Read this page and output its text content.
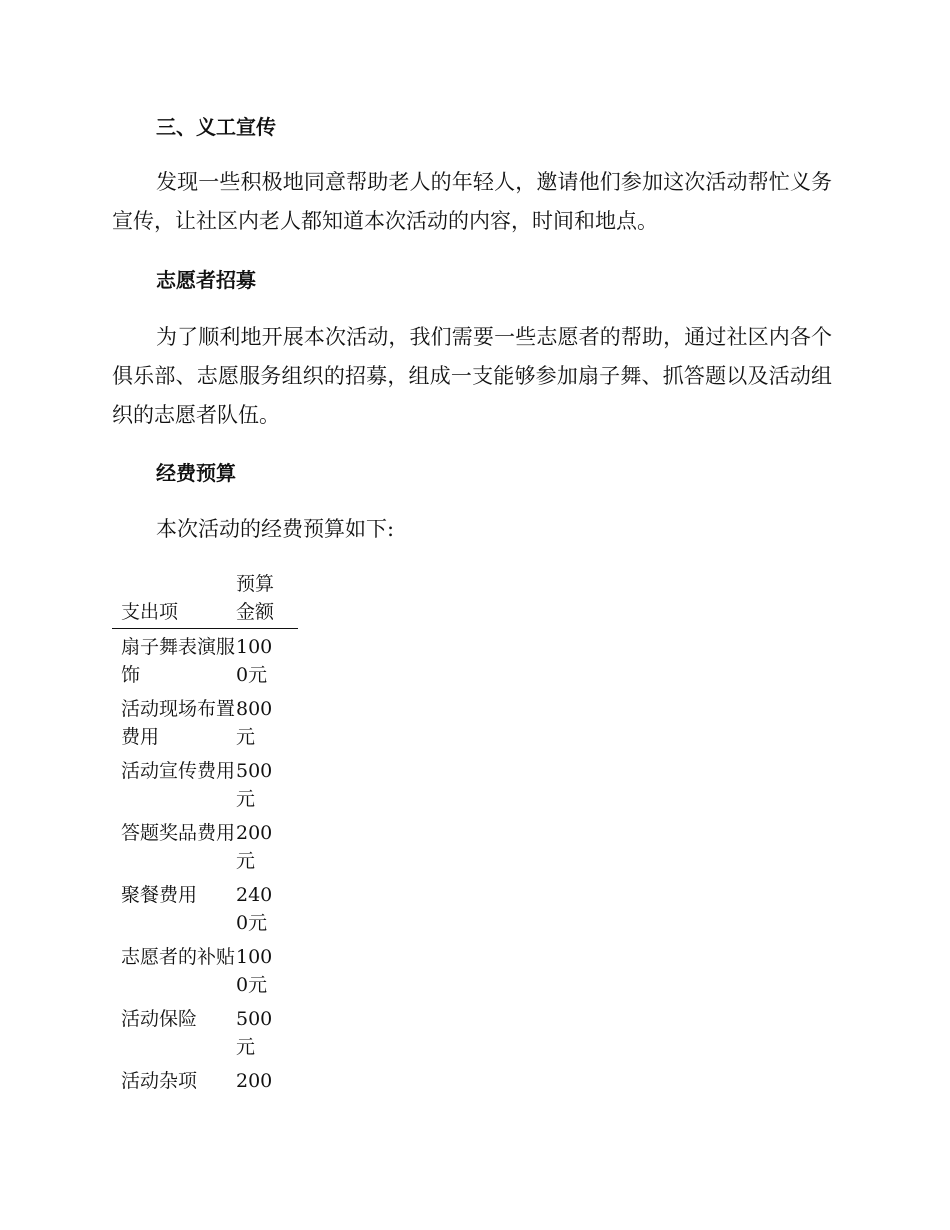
三、义工宣传

发现一些积极地同意帮助老人的年轻人，邀请他们参加这次活动帮忙义务宣传，让社区内老人都知道本次活动的内容，时间和地点。

志愿者招募

为了顺利地开展本次活动，我们需要一些志愿者的帮助，通过社区内各个俱乐部、志愿服务组织的招募，组成一支能够参加扇子舞、抓答题以及活动组织的志愿者队伍。

经费预算

本次活动的经费预算如下:

支出项	预算金额

扇子舞表演服饰	1000元

活动现场布置费用	800元

活动宣传费用	500元

答题奖品费用	200元

聚餐费用	2400元

志愿者的补贴	1000元

活动保险	500元

活动杂项	200
